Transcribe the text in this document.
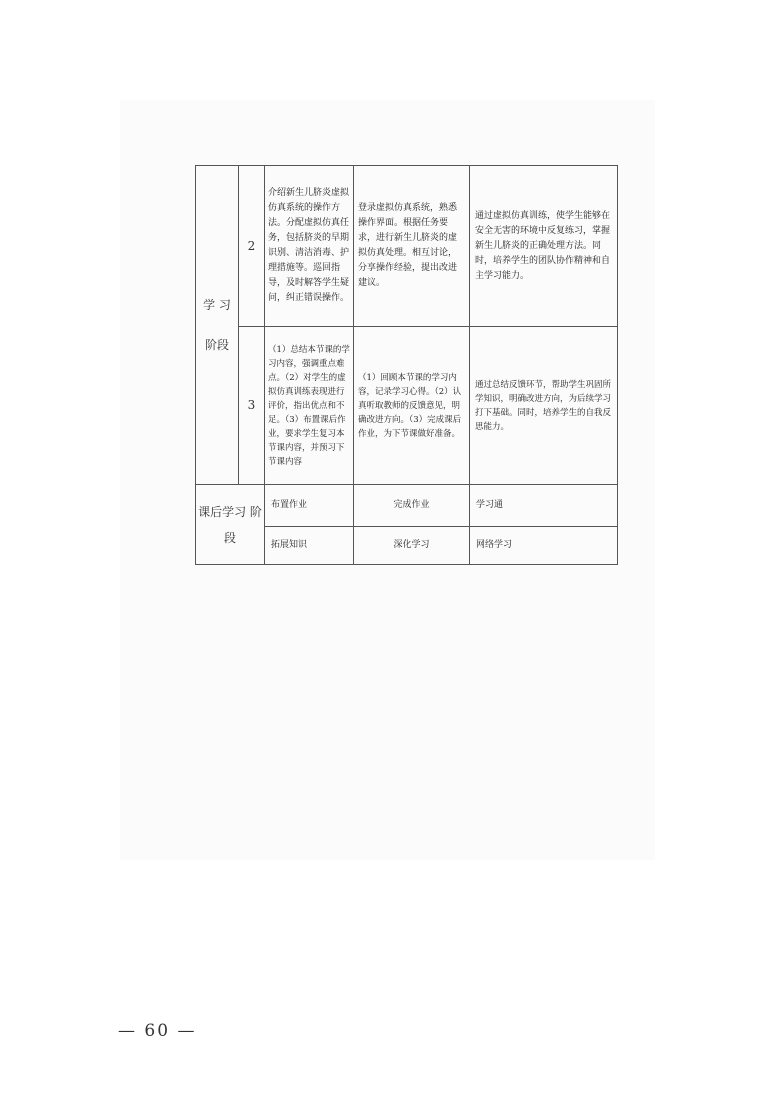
学 习 阶段	2	介绍新生儿脐炎虚拟仿真系统的操作方法。分配虚拟仿真任务，包括脐炎的早期识别、清洁消毒、护理措施等。巡回指导，及时解答学生疑问，纠正错误操作。	登录虚拟仿真系统，熟悉操作界面。根据任务要求，进行新生儿脐炎的虚拟仿真处理。相互讨论，分享操作经验，提出改进建议。	通过虚拟仿真训练，使学生能够在安全无害的环境中反复练习，掌握新生儿脐炎的正确处理方法。同时，培养学生的团队协作精神和自主学习能力。
	3	（1）总结本节课的学习内容，强调重点难点。（2）对学生的虚拟仿真训练表现进行评价，指出优点和不足。（3）布置课后作业，要求学生复习本节课内容，并预习下节课内容	（1）回顾本节课的学习内容，记录学习心得。（2）认真听取教师的反馈意见，明确改进方向。（3）完成课后作业，为下节课做好准备。	通过总结反馈环节，帮助学生巩固所学知识，明确改进方向，为后续学习打下基础。同时，培养学生的自我反思能力。
课后学习 阶段		布置作业	完成作业	学习通
		拓展知识	深化学习	网络学习
— 60 —
